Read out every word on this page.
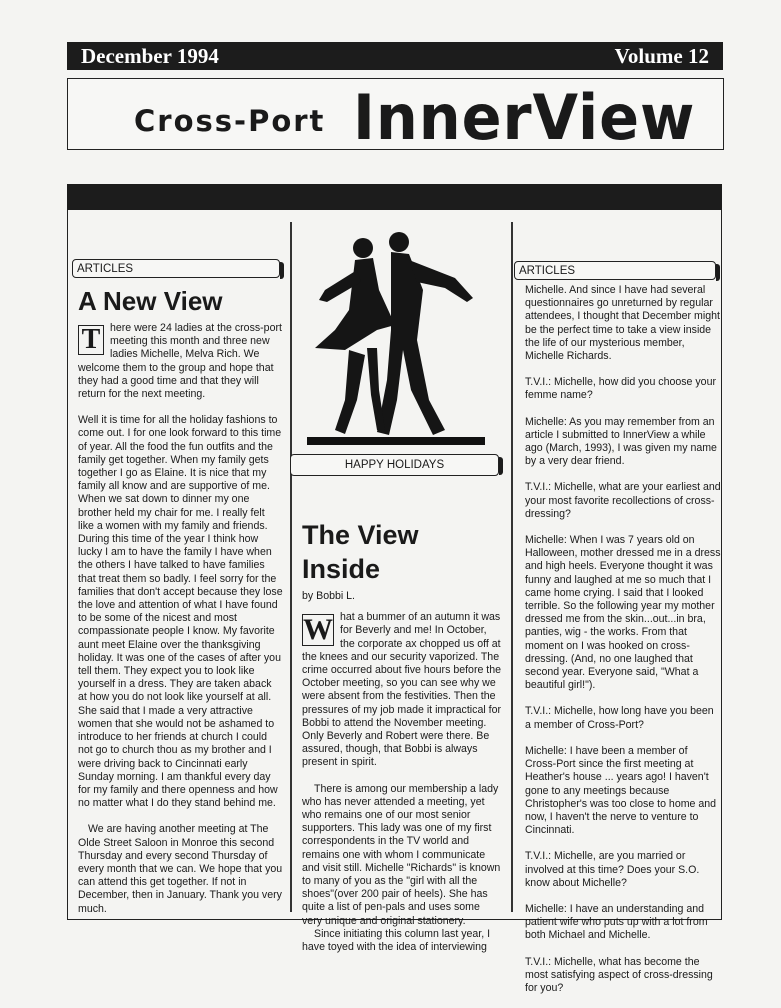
December 1994	Volume 12
Cross-Port InnerView
ARTICLES
A New View

T here were 24 ladies at the cross-port meeting this month and three new ladies Michelle, Melva Rich. We welcome them to the group and hope that they had a good time and that they will return for the next meeting.

Well it is time for all the holiday fashions to come out. I for one look forward to this time of year. All the food the fun outfits and the family get together. When my family gets together I go as Elaine. It is nice that my family all know and are supportive of me. When we sat down to dinner my one brother held my chair for me. I really felt like a women with my family and friends. During this time of the year I think how lucky I am to have the family I have when the others I have talked to have families that treat them so badly. I feel sorry for the families that don't accept because they lose the love and attention of what I have found to be some of the nicest and most compassionate people I know. My favorite aunt meet Elaine over the thanksgiving holiday. It was one of the cases of after you tell them. They expect you to look like yourself in a dress. They are taken aback at how you do not look like yourself at all. She said that I made a very attractive women that she would not be ashamed to introduce to her friends at church I could not go to church thou as my brother and I were driving back to Cincinnati early Sunday morning. I am thankful every day for my family and there openness and how no matter what I do they stand behind me.

We are having another meeting at The Olde Street Saloon in Monroe this second Thursday and every second Thursday of every month that we can. We hope that you can attend this get together. If not in December, then in January. Thank you very much.

HAPPY HOLIDAYS
The View Inside
by Bobbi L.

W hat a bummer of an autumn it was for Beverly and me! In October, the corporate ax chopped us off at the knees and our security vaporized. The crime occurred about five hours before the October meeting, so you can see why we were absent from the festivities. Then the pressures of my job made it impractical for Bobbi to attend the November meeting. Only Beverly and Robert were there. Be assured, though, that Bobbi is always present in spirit.

There is among our membership a lady who has never attended a meeting, yet who remains one of our most senior supporters. This lady was one of my first correspondents in the TV world and remains one with whom I communicate and visit still. Michelle "Richards" is known to many of you as the "girl with all the shoes"(over 200 pair of heels). She has quite a list of pen-pals and uses some very unique and original stationery.

Since initiating this column last year, I have toyed with the idea of interviewing

ARTICLES

Michelle. And since I have had several questionnaires go unreturned by regular attendees, I thought that December might be the perfect time to take a view inside the life of our mysterious member, Michelle Richards.

T.V.I.: Michelle, how did you choose your femme name?

Michelle: As you may remember from an article I submitted to InnerView a while ago (March, 1993), I was given my name by a very dear friend.

T.V.I.: Michelle, what are your earliest and your most favorite recollections of cross-dressing?

Michelle: When I was 7 years old on Halloween, mother dressed me in a dress and high heels. Everyone thought it was funny and laughed at me so much that I came home crying. I said that I looked terrible. So the following year my mother dressed me from the skin...out...in bra, panties, wig - the works. From that moment on I was hooked on cross-dressing. (And, no one laughed that second year. Everyone said, "What a beautiful girl!").

T.V.I.: Michelle, how long have you been a member of Cross-Port?

Michelle: I have been a member of Cross-Port since the first meeting at Heather's house ... years ago! I haven't gone to any meetings because Christopher's was too close to home and now, I haven't the nerve to venture to Cincinnati.

T.V.I.: Michelle, are you married or involved at this time? Does your S.O. know about Michelle?

Michelle: I have an understanding and patient wife who puts up with a lot from both Michael and Michelle.

T.V.I.: Michelle, what has become the most satisfying aspect of cross-dressing for you?
